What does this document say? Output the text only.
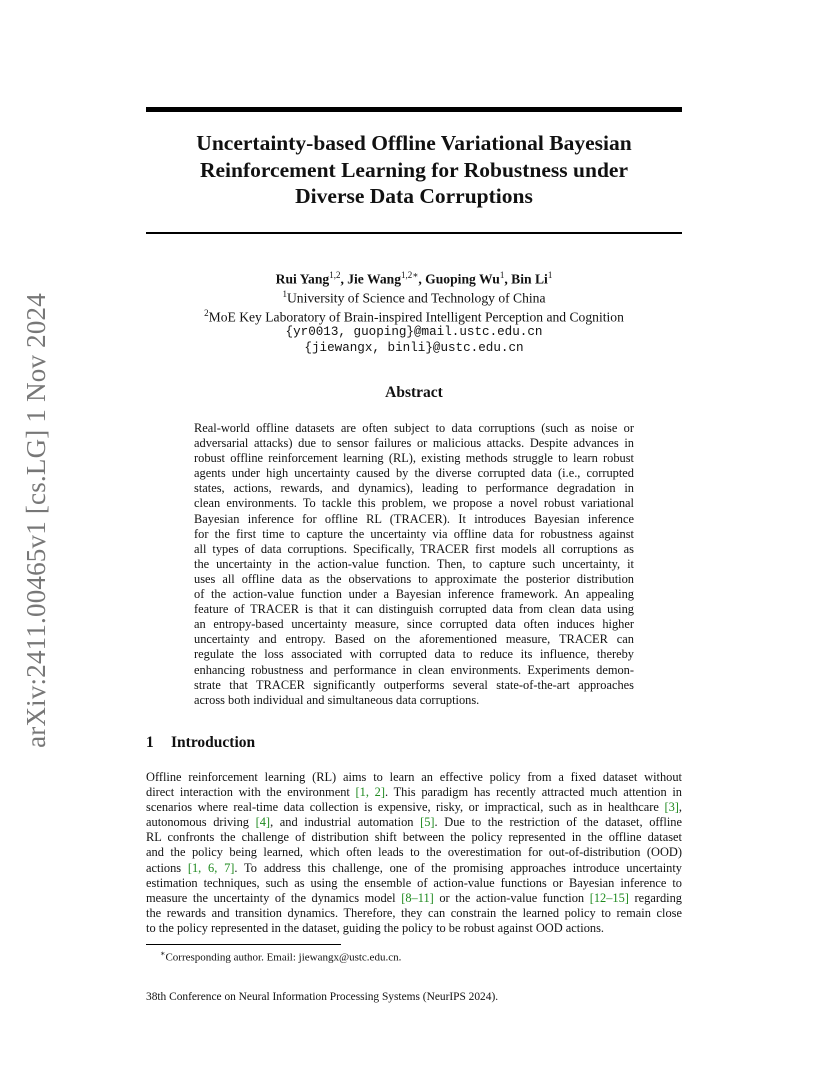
arXiv:2411.00465v1 [cs.LG] 1 Nov 2024
Uncertainty-based Offline Variational Bayesian
Reinforcement Learning for Robustness under
Diverse Data Corruptions
Rui Yang$^{1,2}$, Jie Wang$^{1,2∗}$, Guoping Wu$^1$, Bin Li$^1$
$^1$University of Science and Technology of China
$^2$MoE Key Laboratory of Brain-inspired Intelligent Perception and Cognition
{yr0013, guoping}@mail.ustc.edu.cn
{jiewangx, binli}@ustc.edu.cn
Abstract
Real-world offline datasets are often subject to data corruptions (such as noise or
adversarial attacks) due to sensor failures or malicious attacks. Despite advances in
robust offline reinforcement learning (RL), existing methods struggle to learn robust
agents under high uncertainty caused by the diverse corrupted data (i.e., corrupted
states, actions, rewards, and dynamics), leading to performance degradation in
clean environments. To tackle this problem, we propose a novel robust variational
Bayesian inference for offline RL (TRACER). It introduces Bayesian inference
for the first time to capture the uncertainty via offline data for robustness against
all types of data corruptions. Specifically, TRACER first models all corruptions as
the uncertainty in the action-value function. Then, to capture such uncertainty, it
uses all offline data as the observations to approximate the posterior distribution
of the action-value function under a Bayesian inference framework. An appealing
feature of TRACER is that it can distinguish corrupted data from clean data using
an entropy-based uncertainty measure, since corrupted data often induces higher
uncertainty and entropy. Based on the aforementioned measure, TRACER can
regulate the loss associated with corrupted data to reduce its influence, thereby
enhancing robustness and performance in clean environments. Experiments demon-
strate that TRACER significantly outperforms several state-of-the-art approaches
across both individual and simultaneous data corruptions.
1 Introduction
Offline reinforcement learning (RL) aims to learn an effective policy from a fixed dataset without
direct interaction with the environment [1, 2]. This paradigm has recently attracted much attention in
scenarios where real-time data collection is expensive, risky, or impractical, such as in healthcare [3],
autonomous driving [4], and industrial automation [5]. Due to the restriction of the dataset, offline
RL confronts the challenge of distribution shift between the policy represented in the offline dataset
and the policy being learned, which often leads to the overestimation for out-of-distribution (OOD)
actions [1, 6, 7]. To address this challenge, one of the promising approaches introduce uncertainty
estimation techniques, such as using the ensemble of action-value functions or Bayesian inference to
measure the uncertainty of the dynamics model [8–11] or the action-value function [12–15] regarding
the rewards and transition dynamics. Therefore, they can constrain the learned policy to remain close
to the policy represented in the dataset, guiding the policy to be robust against OOD actions.
∗Corresponding author. Email: jiewangx@ustc.edu.cn.
38th Conference on Neural Information Processing Systems (NeurIPS 2024).
